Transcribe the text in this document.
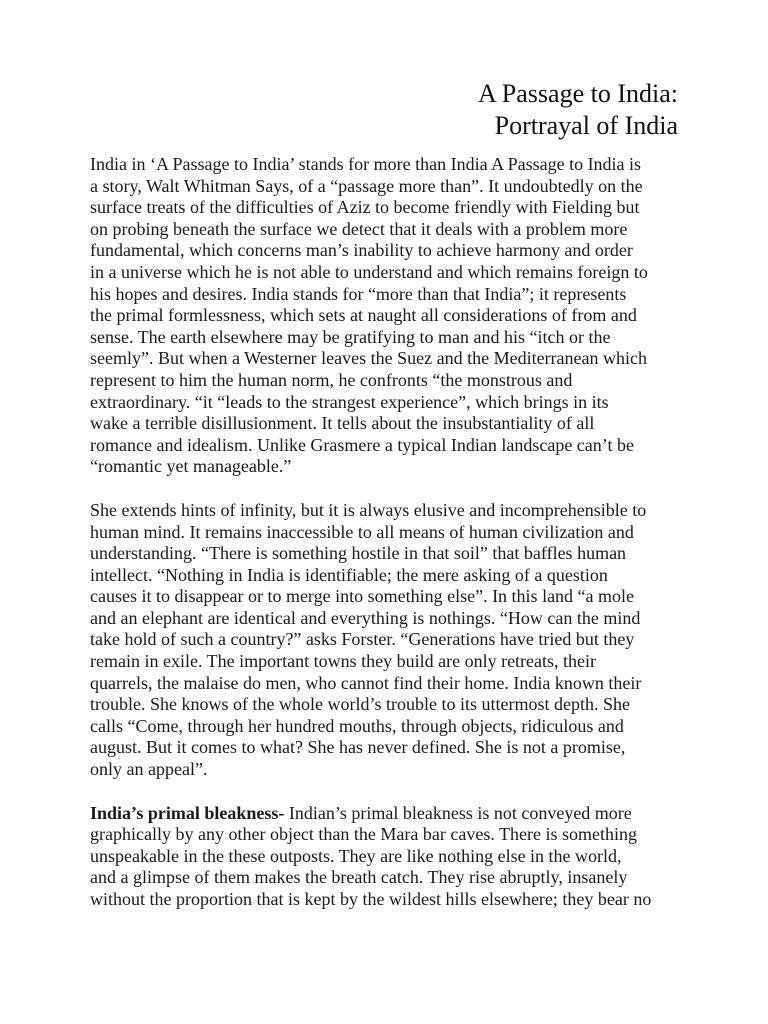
A Passage to India:
Portrayal of India

India in ‘A Passage to India’ stands for more than India A Passage to India is
a story, Walt Whitman Says, of a “passage more than”. It undoubtedly on the
surface treats of the difficulties of Aziz to become friendly with Fielding but
on probing beneath the surface we detect that it deals with a problem more
fundamental, which concerns man’s inability to achieve harmony and order
in a universe which he is not able to understand and which remains foreign to
his hopes and desires. India stands for “more than that India”; it represents
the primal formlessness, which sets at naught all considerations of from and
sense. The earth elsewhere may be gratifying to man and his “itch or the
seemly”. But when a Westerner leaves the Suez and the Mediterranean which
represent to him the human norm, he confronts “the monstrous and
extraordinary. “it “leads to the strangest experience”, which brings in its
wake a terrible disillusionment. It tells about the insubstantiality of all
romance and idealism. Unlike Grasmere a typical Indian landscape can’t be
“romantic yet manageable.”

She extends hints of infinity, but it is always elusive and incomprehensible to
human mind. It remains inaccessible to all means of human civilization and
understanding. “There is something hostile in that soil” that baffles human
intellect. “Nothing in India is identifiable; the mere asking of a question
causes it to disappear or to merge into something else”. In this land “a mole
and an elephant are identical and everything is nothings. “How can the mind
take hold of such a country?” asks Forster. “Generations have tried but they
remain in exile. The important towns they build are only retreats, their
quarrels, the malaise do men, who cannot find their home. India known their
trouble. She knows of the whole world’s trouble to its uttermost depth. She
calls “Come, through her hundred mouths, through objects, ridiculous and
august. But it comes to what? She has never defined. She is not a promise,
only an appeal”.

India’s primal bleakness- Indian’s primal bleakness is not conveyed more
graphically by any other object than the Mara bar caves. There is something
unspeakable in the these outposts. They are like nothing else in the world,
and a glimpse of them makes the breath catch. They rise abruptly, insanely
without the proportion that is kept by the wildest hills elsewhere; they bear no
